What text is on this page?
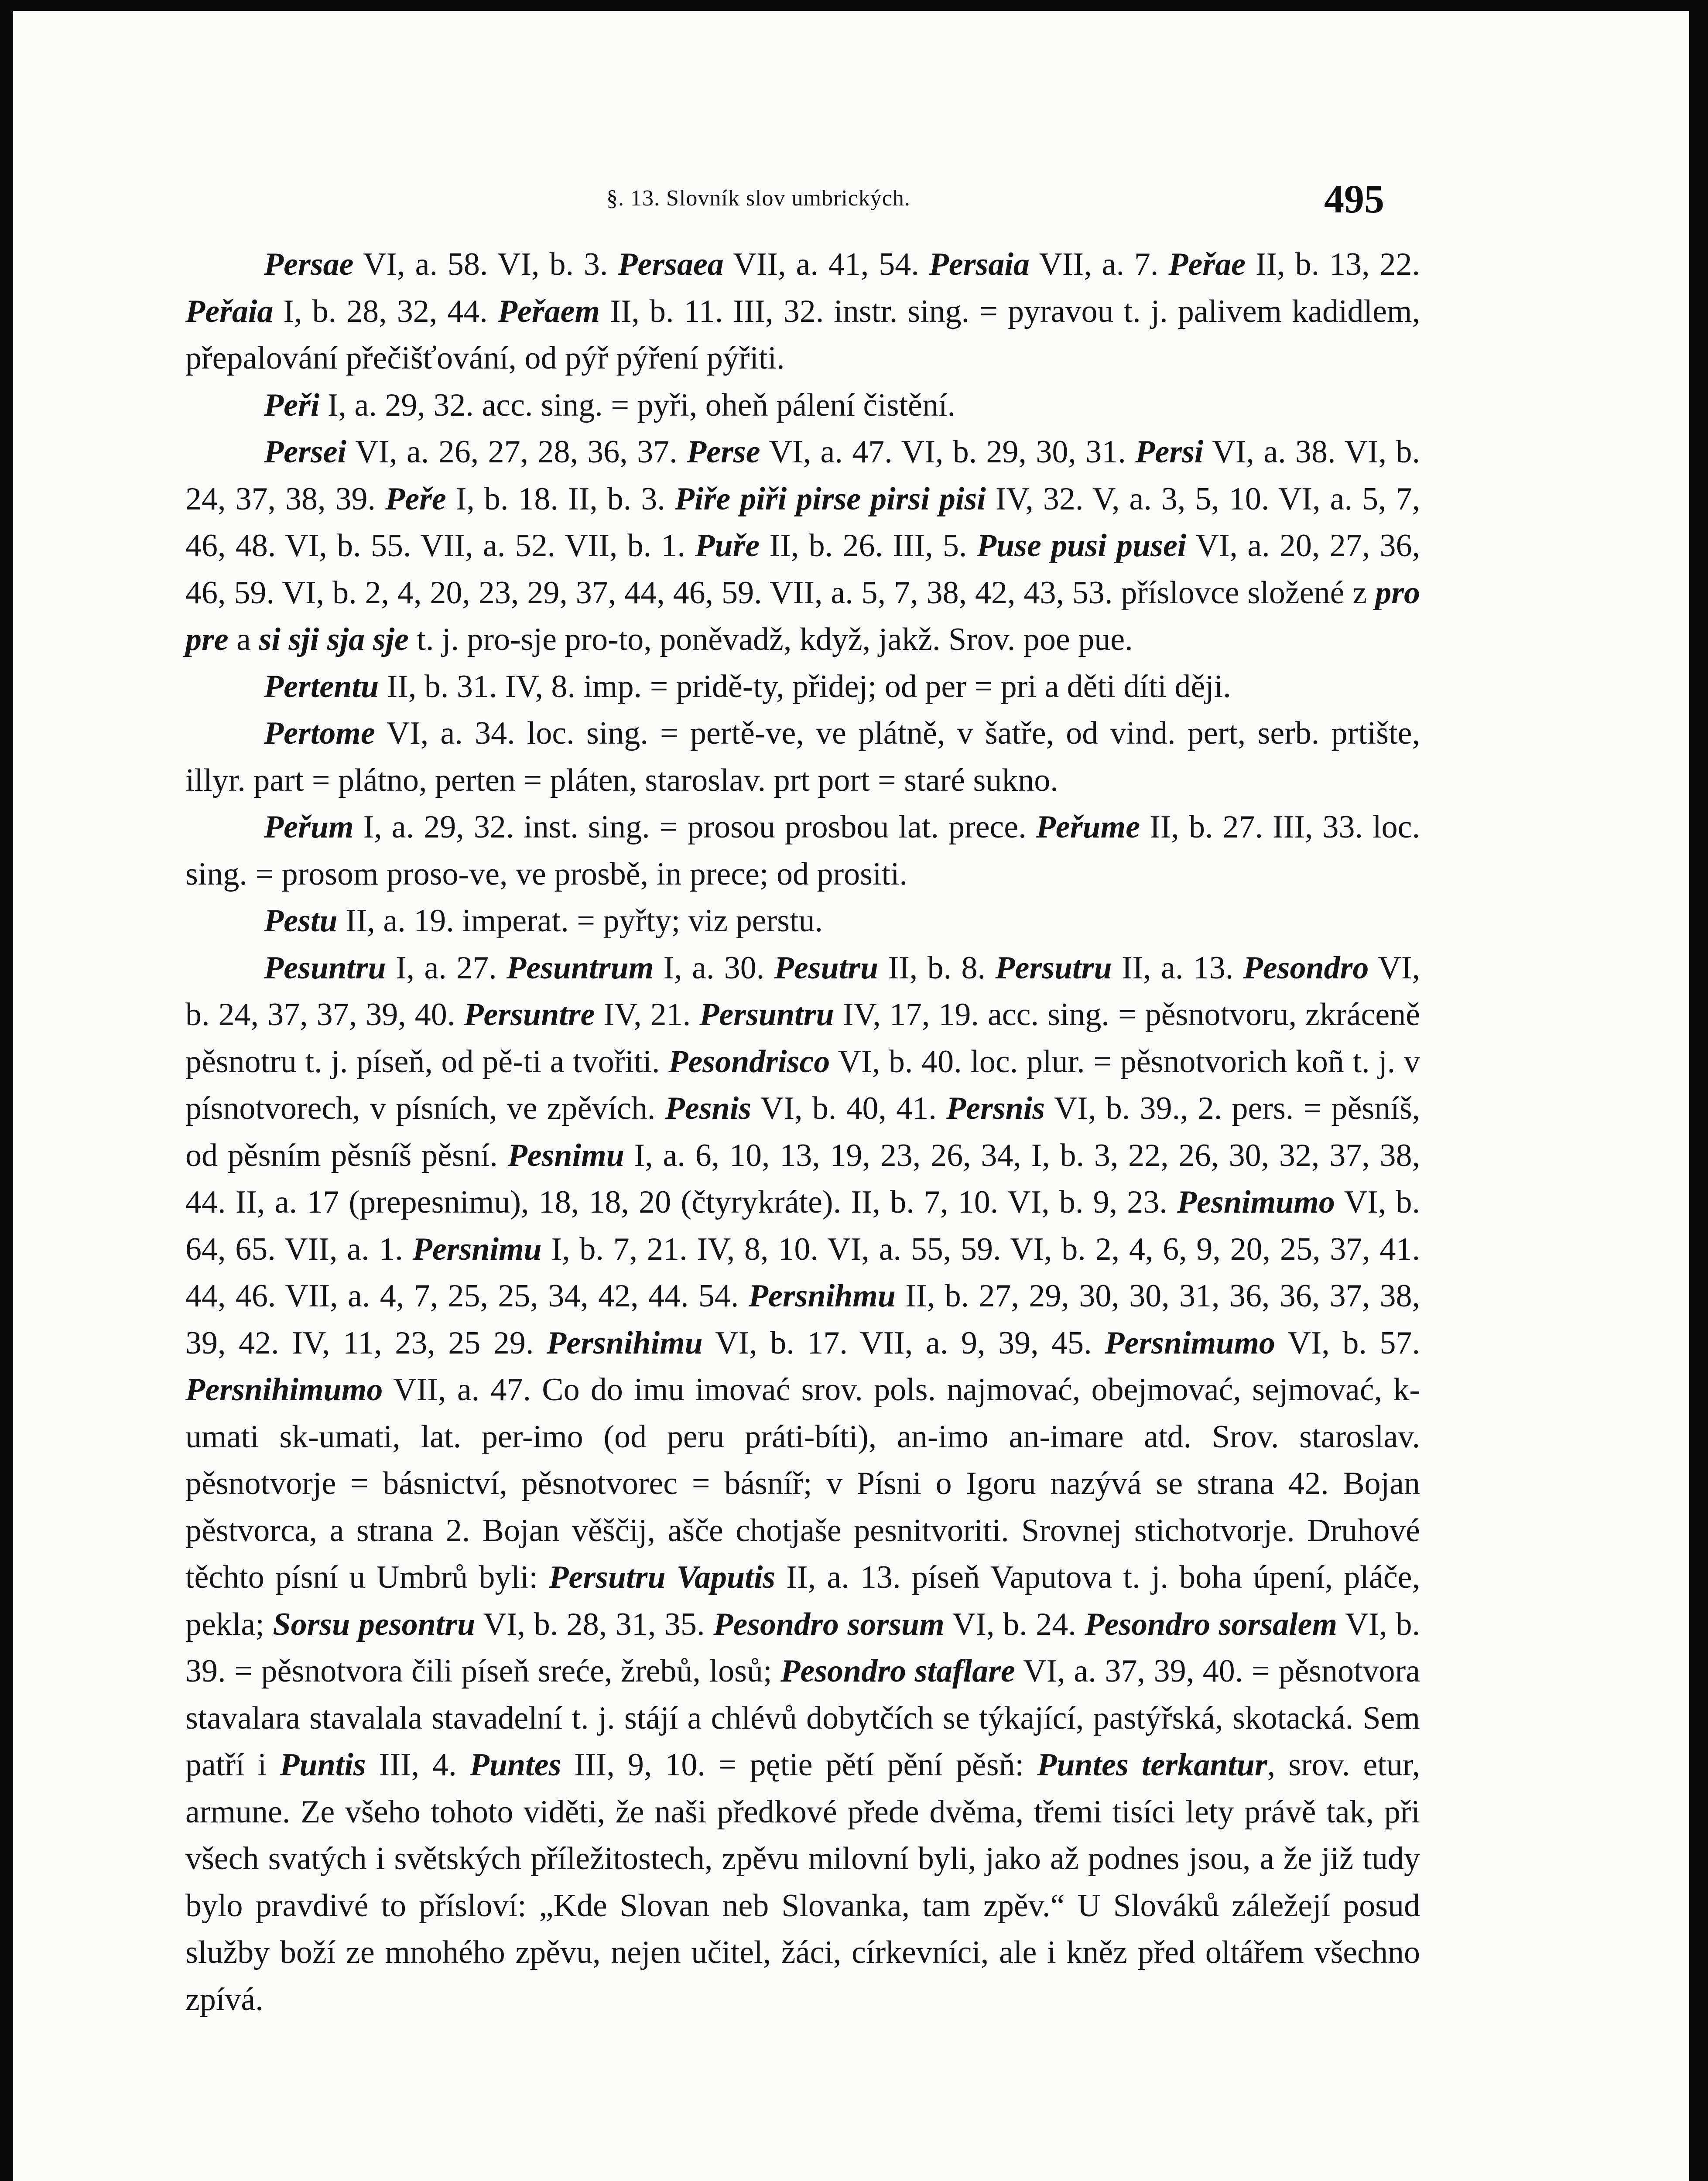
§. 13. Slovník slov umbrických.	495

Persae VI, a. 58. VI, b. 3. Persaea VII, a. 41, 54. Persaia VII, a. 7. Peřae II, b. 13, 22. Peřaia I, b. 28, 32, 44. Peřaem II, b. 11. III, 32. instr. sing. = pyravou t. j. palivem kadidlem, přepalování přečišťování, od pýř pýření pýřiti.

Peři I, a. 29, 32. acc. sing. = pyři, oheň pálení čistění.

Persei VI, a. 26, 27, 28, 36, 37. Perse VI, a. 47. VI, b. 29, 30, 31. Persi VI, a. 38. VI, b. 24, 37, 38, 39. Peře I, b. 18. II, b. 3. Piře piři pirse pirsi pisi IV, 32. V, a. 3, 5, 10. VI, a. 5, 7, 46, 48. VI, b. 55. VII, a. 52. VII, b. 1. Puře II, b. 26. III, 5. Puse pusi pusei VI, a. 20, 27, 36, 46, 59. VI, b. 2, 4, 20, 23, 29, 37, 44, 46, 59. VII, a. 5, 7, 38, 42, 43, 53. příslovce složené z pro pre a si sji sja sje t. j. pro-sje pro-to, poněvadž, když, jakž. Srov. poe pue.

Pertentu II, b. 31. IV, 8. imp. = pridě-ty, přidej; od per = pri a děti díti ději.

Pertome VI, a. 34. loc. sing. = pertě-ve, ve plátně, v šatře, od vind. pert, serb. prtište, illyr. part = plátno, perten = pláten, staroslav. prt port = staré sukno.

Peřum I, a. 29, 32. inst. sing. = prosou prosbou lat. prece. Peřume II, b. 27. III, 33. loc. sing. = prosom proso-ve, ve prosbě, in prece; od prositi.

Pestu II, a. 19. imperat. = pyřty; viz perstu.

Pesuntru I, a. 27. Pesuntrum I, a. 30. Pesutru II, b. 8. Persutru II, a. 13. Pesondro VI, b. 24, 37, 37, 39, 40. Persuntre IV, 21. Persuntru IV, 17, 19. acc. sing. = pěsnotvoru, zkráceně pěsnotru t. j. píseň, od pě-ti a tvořiti. Pesondrisco VI, b. 40. loc. plur. = pěsnotvorich koñ t. j. v písnotvorech, v písních, ve zpěvích. Pesnis VI, b. 40, 41. Persnis VI, b. 39., 2. pers. = pěsníš, od pěsním pěsníš pěsní. Pesnimu I, a. 6, 10, 13, 19, 23, 26, 34, I, b. 3, 22, 26, 30, 32, 37, 38, 44. II, a. 17 (prepesnimu), 18, 18, 20 (čtyrykráte). II, b. 7, 10. VI, b. 9, 23. Pesnimumo VI, b. 64, 65. VII, a. 1. Persnimu I, b. 7, 21. IV, 8, 10. VI, a. 55, 59. VI, b. 2, 4, 6, 9, 20, 25, 37, 41. 44, 46. VII, a. 4, 7, 25, 25, 34, 42, 44. 54. Persnihmu II, b. 27, 29, 30, 30, 31, 36, 36, 37, 38, 39, 42. IV, 11, 23, 25 29. Persnihimu VI, b. 17. VII, a. 9, 39, 45. Persnimumo VI, b. 57. Persnihimumo VII, a. 47. Co do imu imovać srov. pols. najmovać, obejmovać, sejmovać, k-umati sk-umati, lat. per-imo (od peru práti-bíti), an-imo an-imare atd. Srov. staroslav. pěsnotvorje = básnictví, pěsnotvorec = básníř; v Písni o Igoru nazývá se strana 42. Bojan pěstvorca, a strana 2. Bojan věščij, ašče chotjaše pesnitvoriti. Srovnej stichotvorje. Druhové těchto písní u Umbrů byli: Persutru Vaputis II, a. 13. píseň Vaputova t. j. boha úpení, pláče, pekla; Sorsu pesontru VI, b. 28, 31, 35. Pesondro sorsum VI, b. 24. Pesondro sorsalem VI, b. 39. = pěsnotvora čili píseň sreće, žrebů, losů; Pesondro staflare VI, a. 37, 39, 40. = pěsnotvora stavalara stavalala stavadelní t. j. stájí a chlévů dobytčích se týkající, pastýřská, skotacká. Sem patří i Puntis III, 4. Puntes III, 9, 10. = pętie pětí pění pěsň: Puntes terkantur, srov. etur, armune. Ze všeho tohoto viděti, že naši předkové přede dvěma, třemi tisíci lety právě tak, při všech svatých i světských příležitostech, zpěvu milovní byli, jako až podnes jsou, a že již tudy bylo pravdivé to přísloví: „Kde Slovan neb Slovanka, tam zpěv.“ U Slováků záležejí posud služby boží ze mnohého zpěvu, nejen učitel, žáci, církevníci, ale i kněz před oltářem všechno zpívá.
